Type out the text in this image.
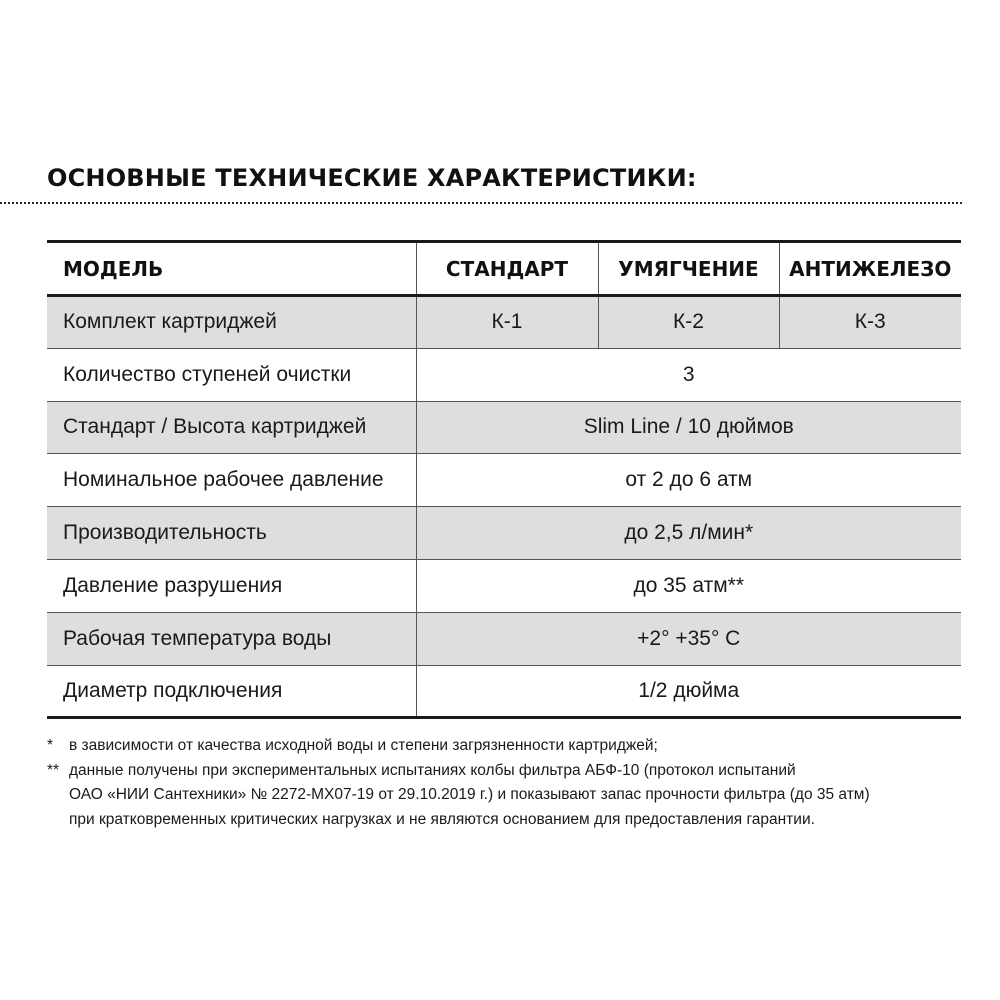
ОСНОВНЫЕ ТЕХНИЧЕСКИЕ ХАРАКТЕРИСТИКИ:
МОДЕЛЬ	СТАНДАРТ	УМЯГЧЕНИЕ	АНТИЖЕЛЕЗО
Комплект картриджей	К-1	К-2	К-3
Количество ступеней очистки	3		
Стандарт / Высота картриджей	Slim Line / 10 дюймов		
Номинальное рабочее давление	от 2 до 6 атм		
Производительность	до 2,5 л/мин*		
Давление разрушения	до 35 атм**		
Рабочая температура воды	+2° +35° С		
Диаметр подключения	1/2 дюйма		
* в зависимости от качества исходной воды и степени загрязненности картриджей;
** данные получены при экспериментальных испытаниях колбы фильтра АБФ-10 (протокол испытаний
ОАО «НИИ Сантехники» № 2272-МХ07-19 от 29.10.2019 г.) и показывают запас прочности фильтра (до 35 атм)
при кратковременных критических нагрузках и не являются основанием для предоставления гарантии.
